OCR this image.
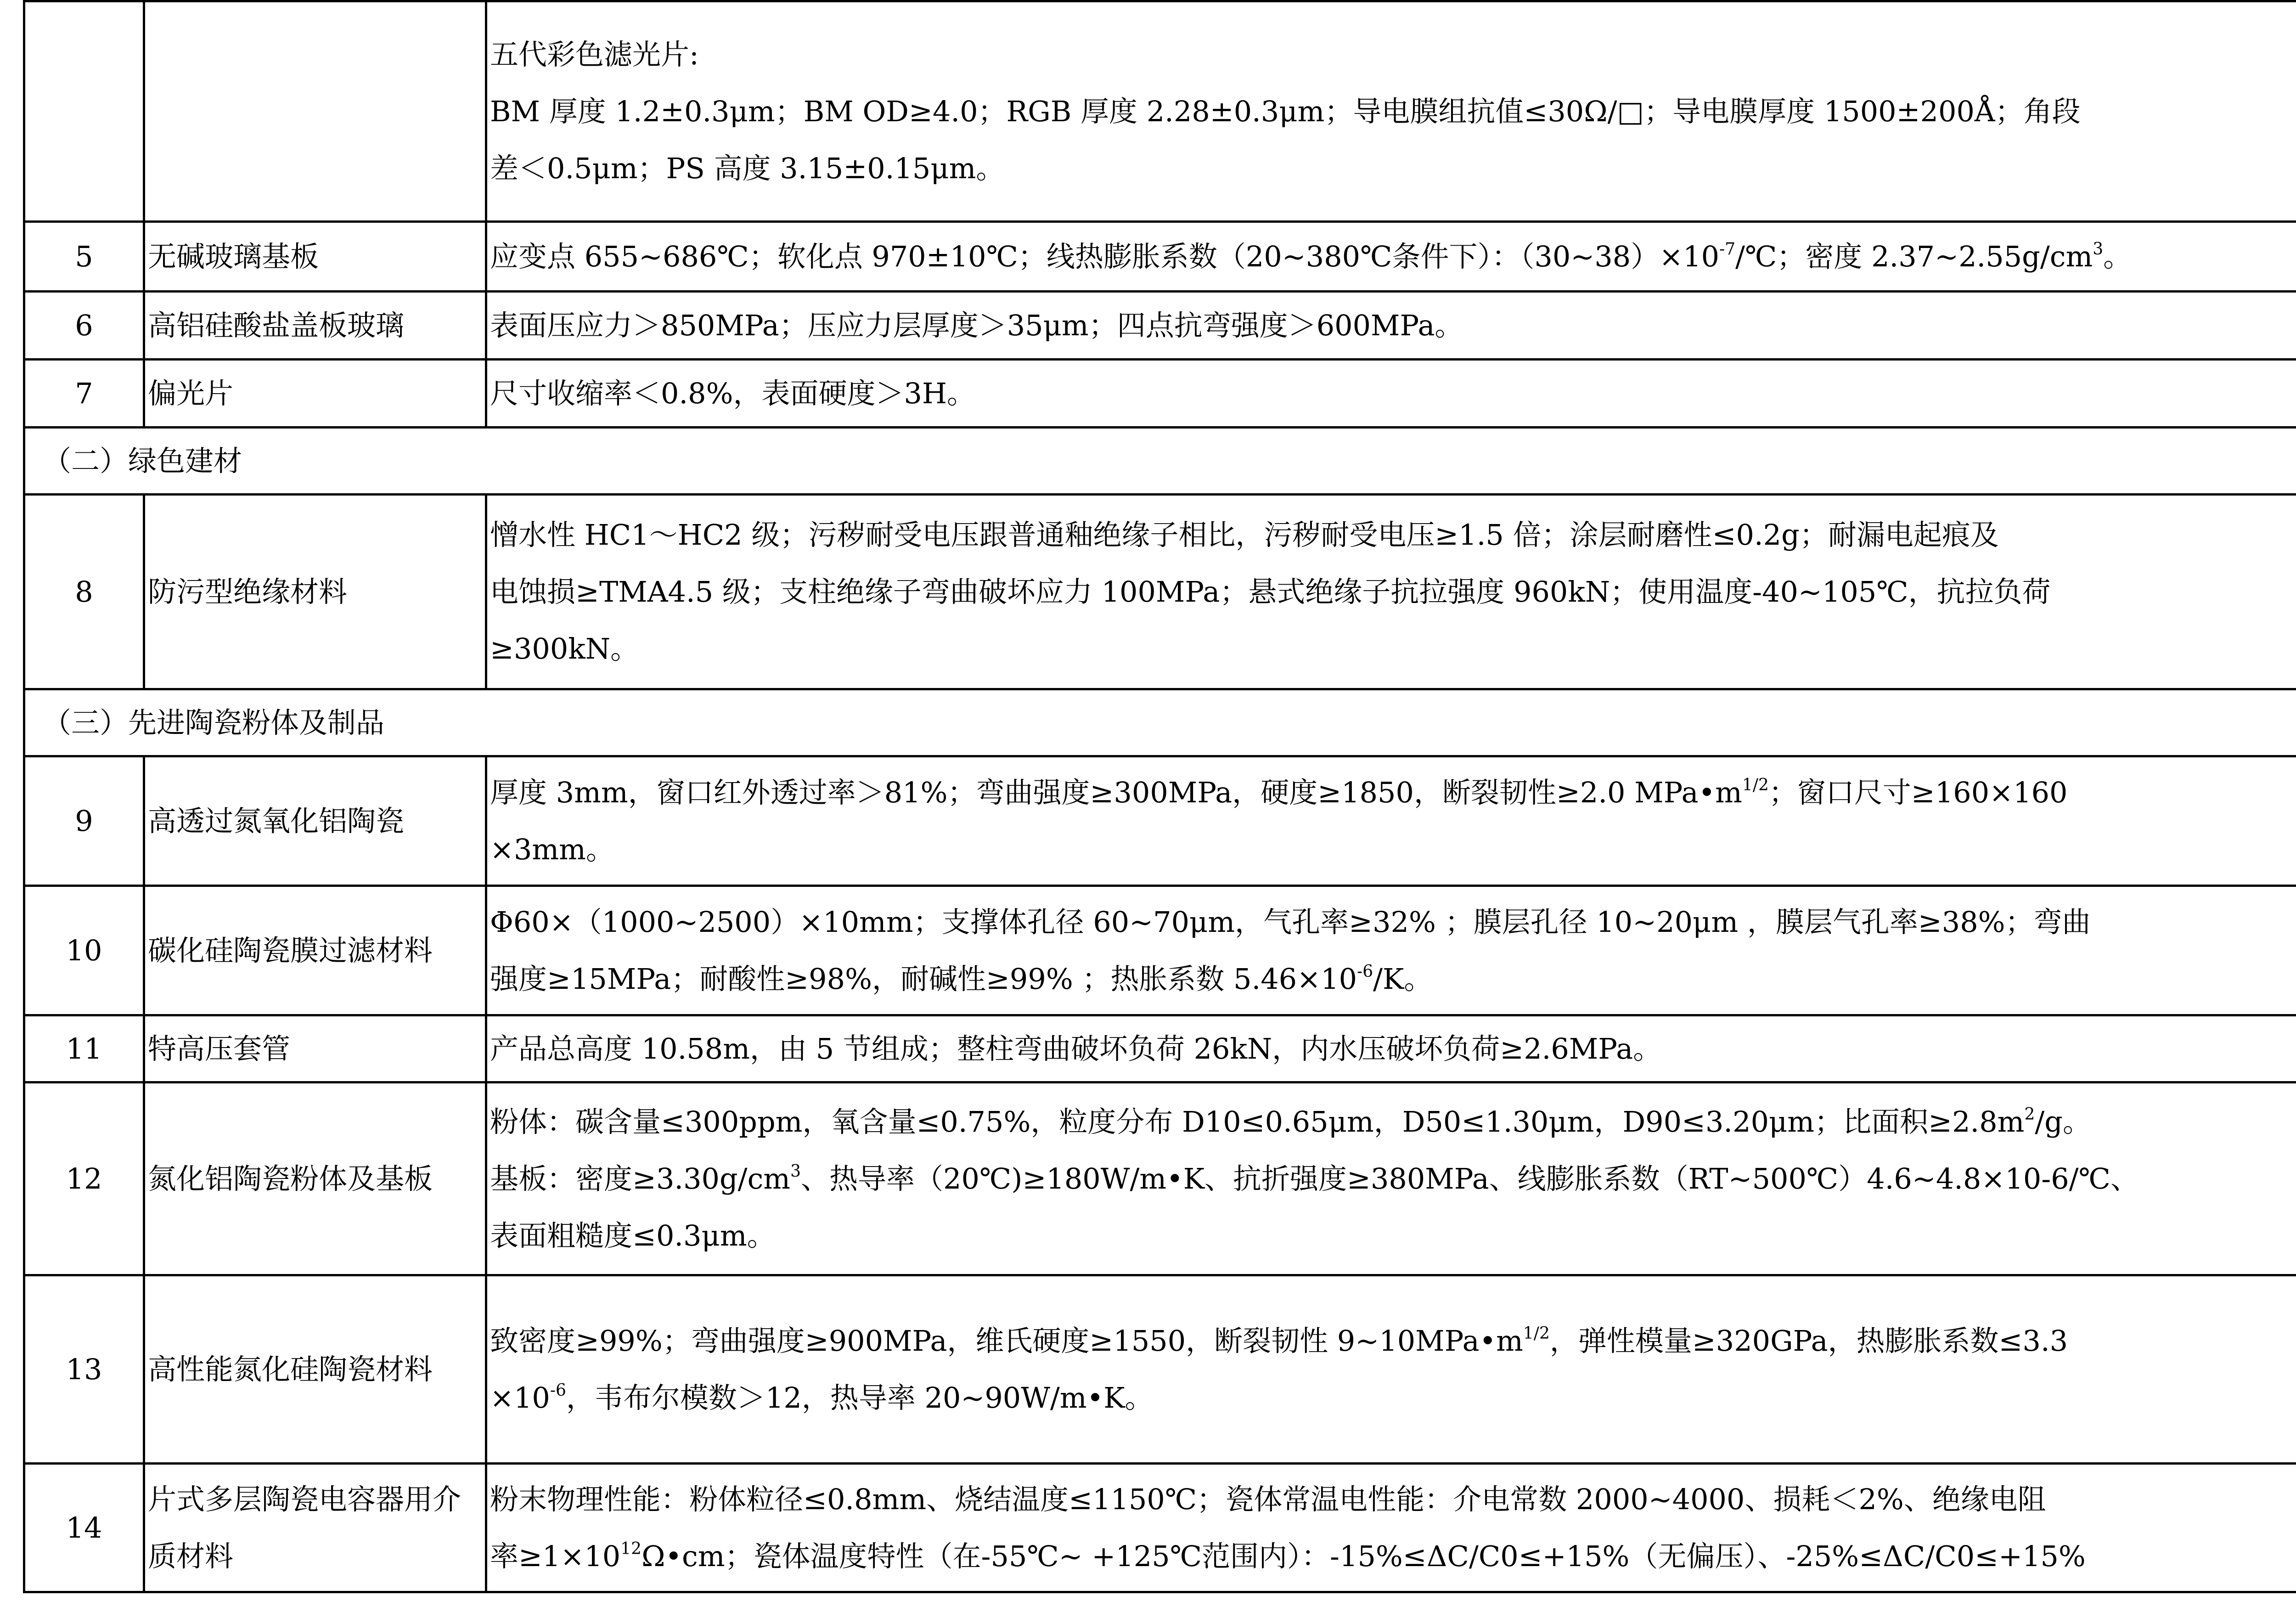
		五代彩色滤光片:
BM 厚度 1.2±0.3μm；BM OD≥4.0；RGB 厚度 2.28±0.3μm；导电膜组抗值≤30Ω/□；导电膜厚度 1500±200Å；角段
差＜0.5μm；PS 高度 3.15±0.15μm。	

5	无碱玻璃基板	应变点 655~686℃；软化点 970±10℃；线热膨胀系数（20~380℃条件下）：$(30\sim 38)\times 10^{-7}/℃$；密度 $2.37\sim 2.55g/cm^3$。

6	高铝硅酸盐盖板玻璃	表面压应力＞850MPa；压应力层厚度＞35μm；四点抗弯强度＞600MPa。	
7	偏光片	尺寸收缩率＜0.8%，表面硬度＞3H。	
（二）绿色建材			
8	防污型绝缘材料	憎水性 HC1～HC2 级；污秽耐受电压跟普通釉绝缘子相比，污秽耐受电压≥1.5 倍；涂层耐磨性≤0.2g；耐漏电起痕及
电蚀损≥TMA4.5 级；支柱绝缘子弯曲破坏应力 100MPa；悬式绝缘子抗拉强度 960kN；使用温度-40~105℃，抗拉负荷
≥300kN。

（三）先进陶瓷粉体及制品			
9	高透过氮氧化铝陶瓷	厚度 3mm，窗口红外透过率＞81%；弯曲强度≥300MPa，硬度≥1850，断裂韧性≥2.0 $MPa•m^{1/2}$；窗口尺寸≥160×160
×3mm。

10	碳化硅陶瓷膜过滤材料	Φ60×（1000~2500）×10mm；支撑体孔径 60~70μm，气孔率≥32% ；膜层孔径 10~20μm ，膜层气孔率≥38%；弯曲
强度≥15MPa；耐酸性≥98%，耐碱性≥99% ；热胀系数 $5.46\times 10^{-6}/K$。

11	特高压套管	产品总高度 10.58m，由 5 节组成；整柱弯曲破坏负荷 26kN，内水压破坏负荷≥2.6MPa。	
12	氮化铝陶瓷粉体及基板	粉体：碳含量≤300ppm，氧含量≤0.75%，粒度分布 D10≤0.65μm，D50≤1.30μm，D90≤3.20μm；比面积$\ge 2.8m^2/g$。
基板：密度$\ge 3.30g/cm^3$、热导率（20℃)≥180W/m•K、抗折强度≥380MPa、线膨胀系数（RT~500℃）4.6~4.8×10-6/℃、
表面粗糙度≤0.3μm。

13	高性能氮化硅陶瓷材料	致密度≥99%；弯曲强度≥900MPa，维氏硬度≥1550，断裂韧性 $9\sim 10MPa•m^{1/2}$，弹性模量≥320GPa，热膨胀系数≤3.3
$\times 10^{-6}$，韦布尔模数＞12，热导率 20~90W/m•K。

14	片式多层陶瓷电容器用介质材料	粉末物理性能：粉体粒径≤0.8mm、烧结温度≤1150℃；瓷体常温电性能：介电常数 2000~4000、损耗＜2%、绝缘电阻
率$\ge 1\times 10^{12}\Omega•cm$；瓷体温度特性（在-55℃~ +125℃范围内）：-15%≤ΔC/C0≤+15%（无偏压）、-25%≤ΔC/C0≤+15%
